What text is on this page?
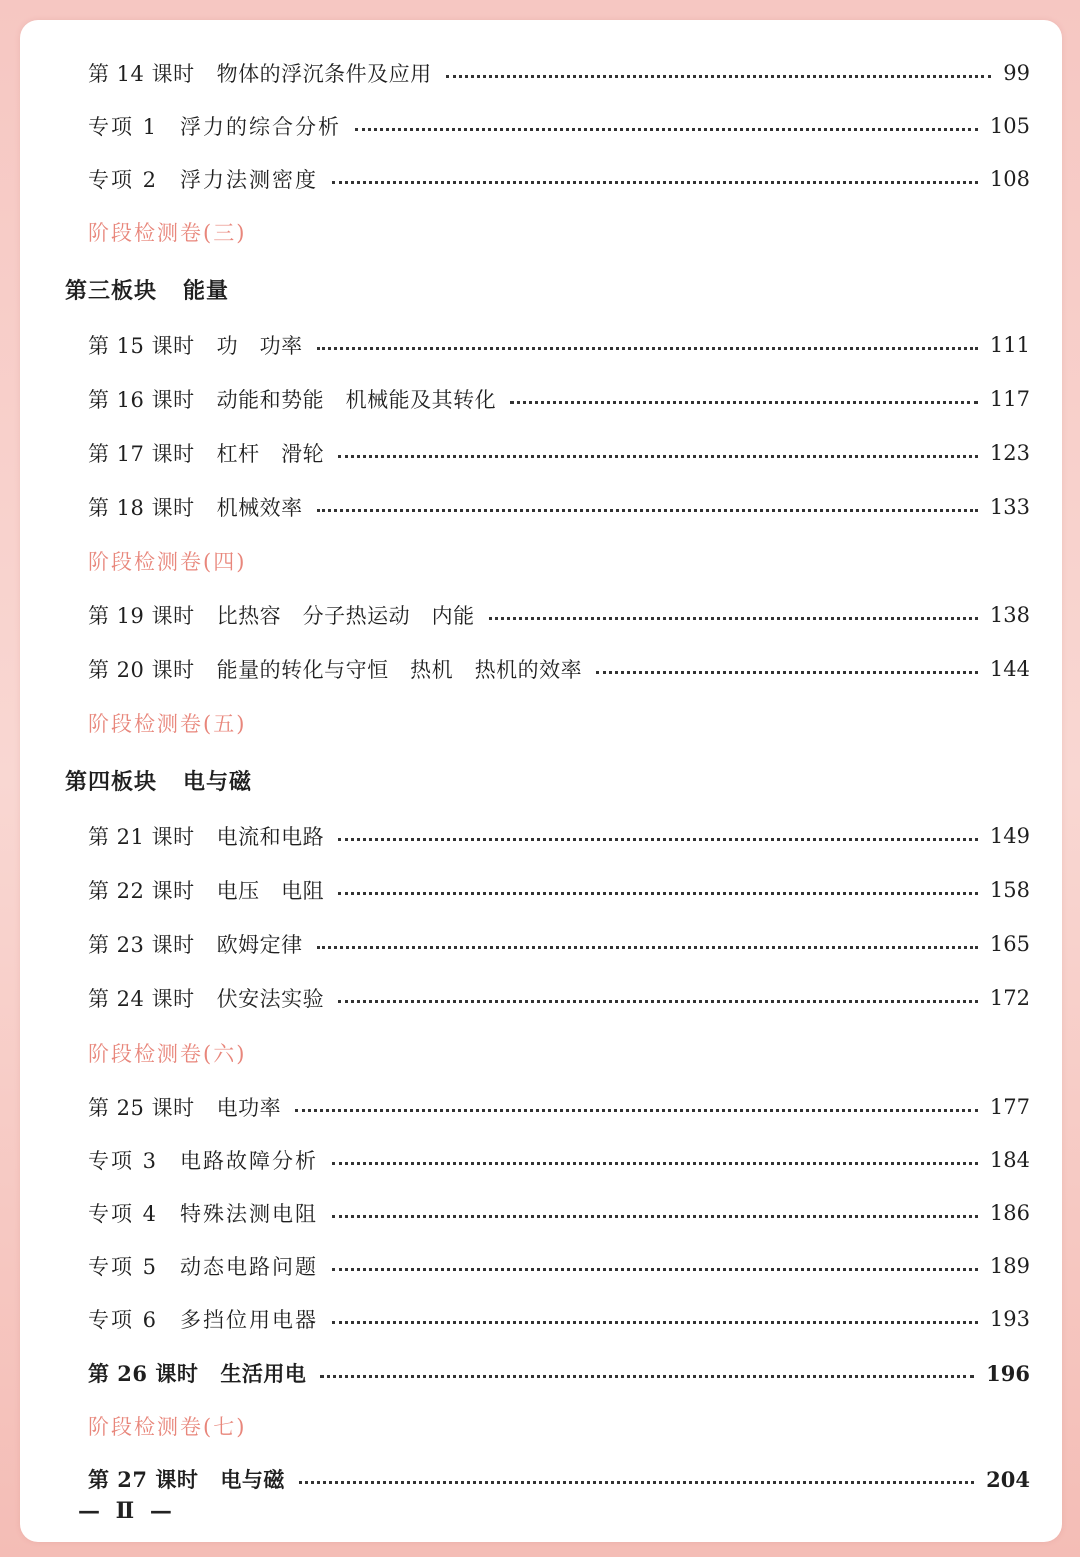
第 14 课时 物体的浮沉条件及应用	99
专项 1 浮力的综合分析	105
专项 2 浮力法测密度	108
阶段检测卷(三)
第三板块 能量
第 15 课时 功　功率	111
第 16 课时 动能和势能　机械能及其转化	117
第 17 课时 杠杆　滑轮	123
第 18 课时 机械效率	133
阶段检测卷(四)
第 19 课时 比热容　分子热运动　内能	138
第 20 课时 能量的转化与守恒　热机　热机的效率	144
阶段检测卷(五)
第四板块 电与磁
第 21 课时 电流和电路	149
第 22 课时 电压　电阻	158
第 23 课时 欧姆定律	165
第 24 课时 伏安法实验	172
阶段检测卷(六)
第 25 课时 电功率	177
专项 3 电路故障分析	184
专项 4 特殊法测电阻	186
专项 5 动态电路问题	189
专项 6 多挡位用电器	193
第 26 课时 生活用电	196
阶段检测卷(七)
第 27 课时 电与磁	204
— Ⅱ —
